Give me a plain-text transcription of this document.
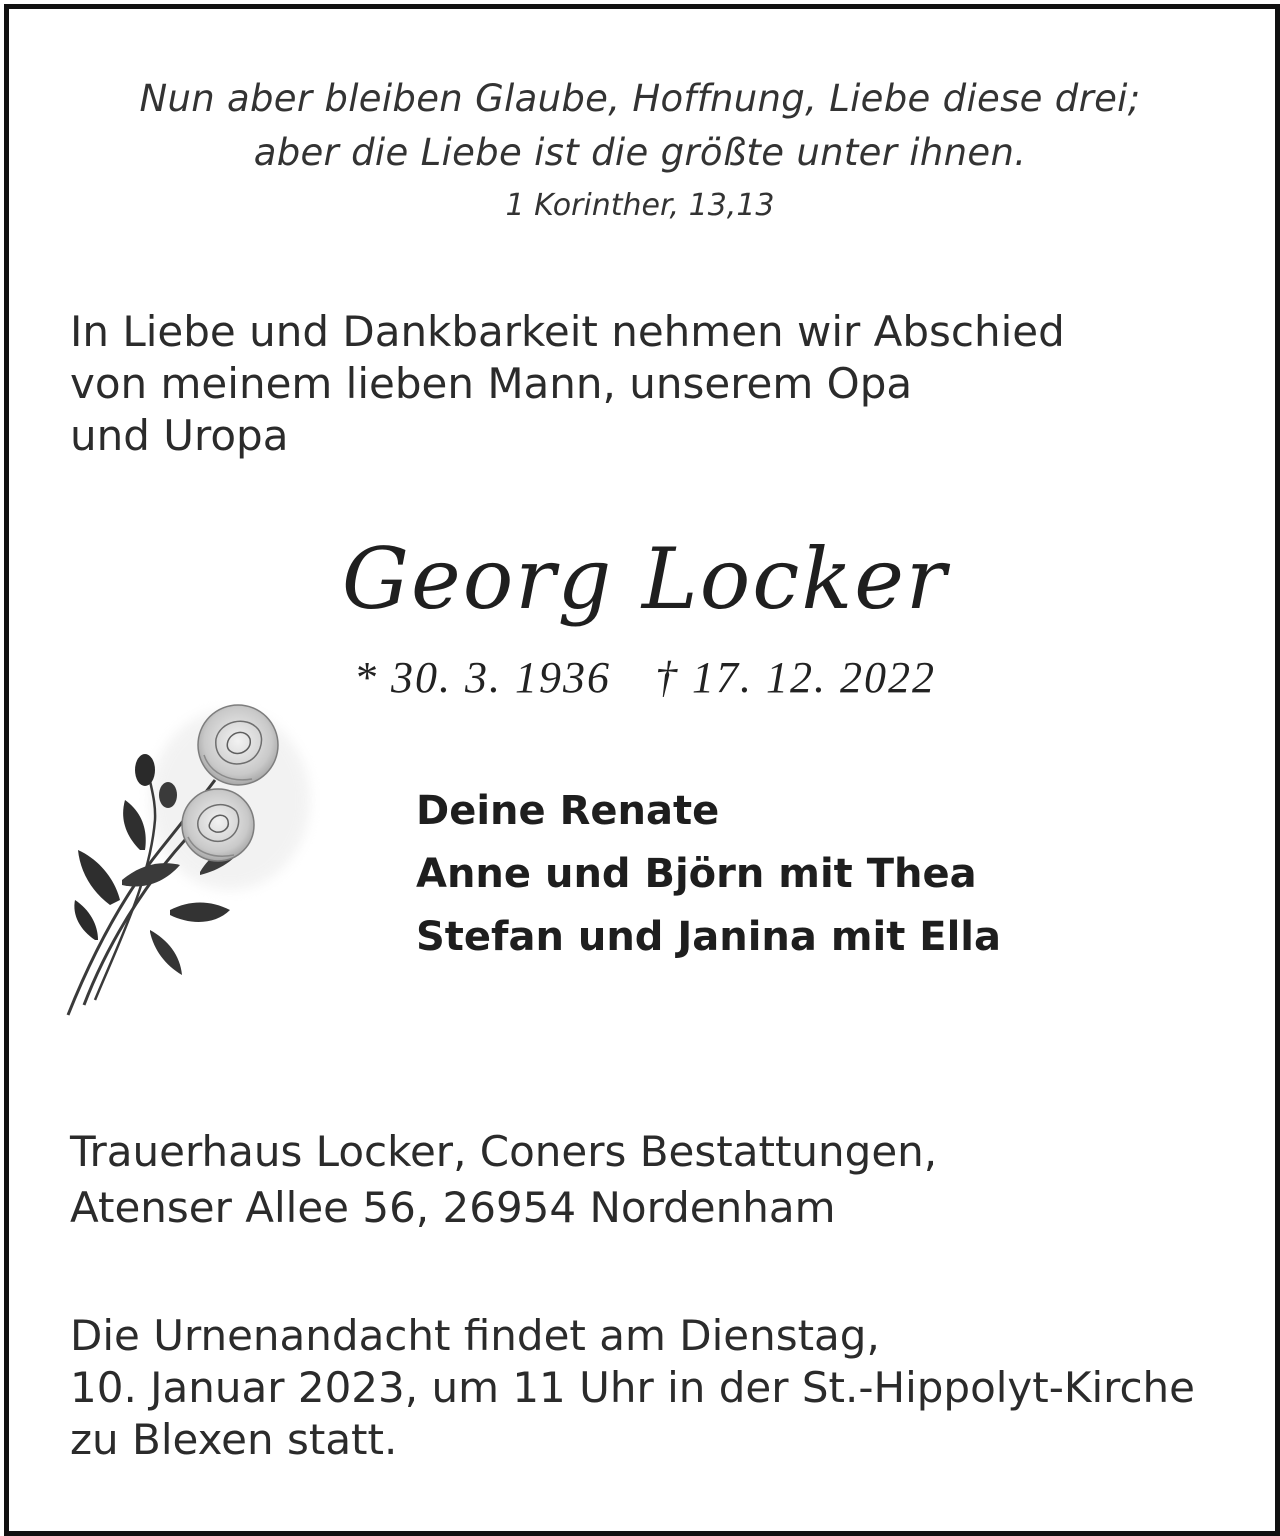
Nun aber bleiben Glaube, Hoffnung, Liebe diese drei;
aber die Liebe ist die größte unter ihnen.
1 Korinther, 13,13
In Liebe und Dankbarkeit nehmen wir Abschied
von meinem lieben Mann, unserem Opa
und Uropa
Georg Locker
* 30. 3. 1936 † 17. 12. 2022
Deine Renate
Anne und Björn mit Thea
Stefan und Janina mit Ella
Trauerhaus Locker, Coners Bestattungen,
Atenser Allee 56, 26954 Nordenham
Die Urnenandacht findet am Dienstag,
10. Januar 2023, um 11 Uhr in der St.-Hippolyt-Kirche
zu Blexen statt.
